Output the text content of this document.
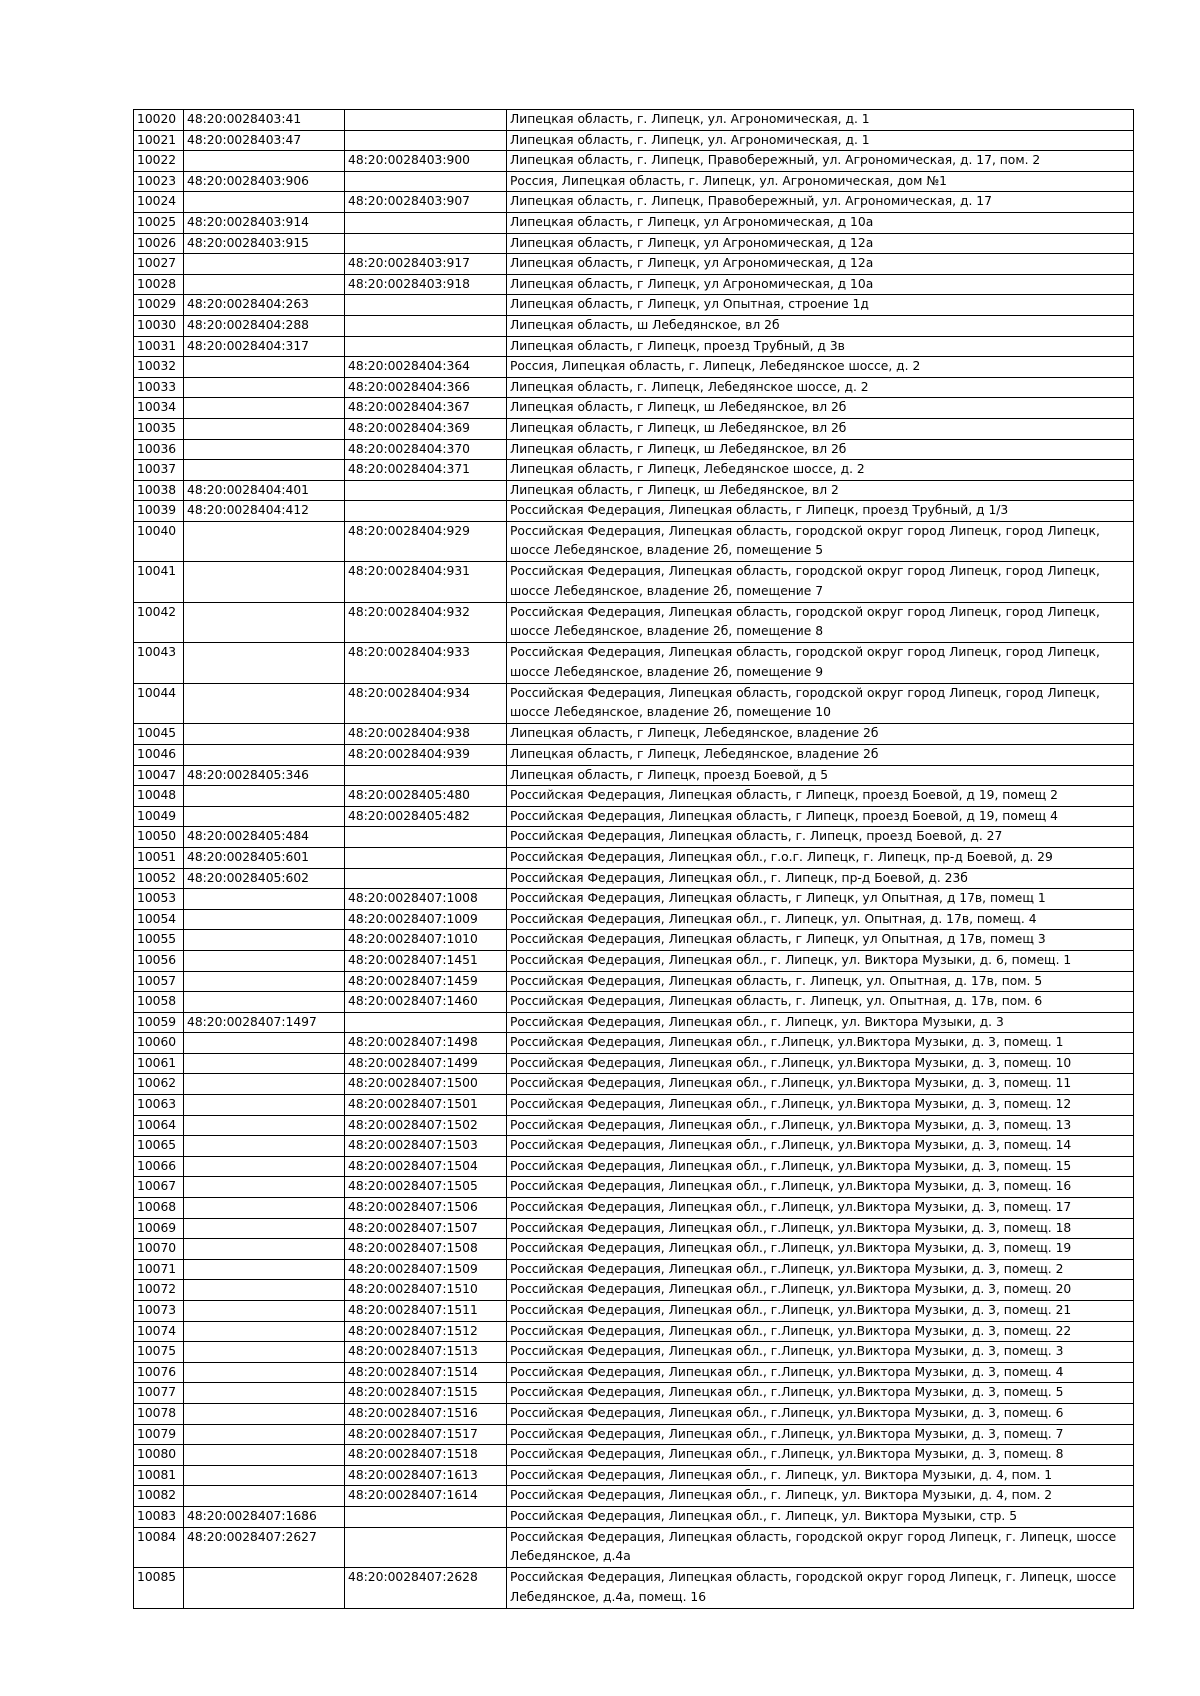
10020	48:20:0028403:41		Липецкая область, г. Липецк, ул. Агрономическая, д. 1
10021	48:20:0028403:47		Липецкая область, г. Липецк, ул. Агрономическая, д. 1
10022		48:20:0028403:900	Липецкая область, г. Липецк, Правобережный, ул. Агрономическая, д. 17, пом. 2
10023	48:20:0028403:906		Россия, Липецкая область, г. Липецк, ул. Агрономическая, дом №1
10024		48:20:0028403:907	Липецкая область, г. Липецк, Правобережный, ул. Агрономическая, д. 17
10025	48:20:0028403:914		Липецкая область, г Липецк, ул Агрономическая, д 10а
10026	48:20:0028403:915		Липецкая область, г Липецк, ул Агрономическая, д 12а
10027		48:20:0028403:917	Липецкая область, г Липецк, ул Агрономическая, д 12а
10028		48:20:0028403:918	Липецкая область, г Липецк, ул Агрономическая, д 10а
10029	48:20:0028404:263		Липецкая область, г Липецк, ул Опытная, строение 1д
10030	48:20:0028404:288		Липецкая область, ш Лебедянское, вл 2б
10031	48:20:0028404:317		Липецкая область, г Липецк, проезд Трубный, д 3в
10032		48:20:0028404:364	Россия, Липецкая область, г. Липецк, Лебедянское шоссе, д. 2
10033		48:20:0028404:366	Липецкая область, г. Липецк, Лебедянское шоссе, д. 2
10034		48:20:0028404:367	Липецкая область, г Липецк, ш Лебедянское, вл 2б
10035		48:20:0028404:369	Липецкая область, г Липецк, ш Лебедянское, вл 2б
10036		48:20:0028404:370	Липецкая область, г Липецк, ш Лебедянское, вл 2б
10037		48:20:0028404:371	Липецкая область, г Липецк, Лебедянское шоссе, д. 2
10038	48:20:0028404:401		Липецкая область, г Липецк, ш Лебедянское, вл 2
10039	48:20:0028404:412		Российская Федерация, Липецкая область, г Липецк, проезд Трубный, д 1/3
10040		48:20:0028404:929	Российская Федерация, Липецкая область, городской округ город Липецк, город Липецк, шоссе Лебедянское, владение 2б, помещение 5
10041		48:20:0028404:931	Российская Федерация, Липецкая область, городской округ город Липецк, город Липецк, шоссе Лебедянское, владение 2б, помещение 7
10042		48:20:0028404:932	Российская Федерация, Липецкая область, городской округ город Липецк, город Липецк, шоссе Лебедянское, владение 2б, помещение 8
10043		48:20:0028404:933	Российская Федерация, Липецкая область, городской округ город Липецк, город Липецк, шоссе Лебедянское, владение 2б, помещение 9
10044		48:20:0028404:934	Российская Федерация, Липецкая область, городской округ город Липецк, город Липецк, шоссе Лебедянское, владение 2б, помещение 10
10045		48:20:0028404:938	Липецкая область, г Липецк, Лебедянское, владение 2б
10046		48:20:0028404:939	Липецкая область, г Липецк, Лебедянское, владение 2б
10047	48:20:0028405:346		Липецкая область, г Липецк, проезд Боевой, д 5
10048		48:20:0028405:480	Российская Федерация, Липецкая область, г Липецк, проезд Боевой, д 19, помещ 2
10049		48:20:0028405:482	Российская Федерация, Липецкая область, г Липецк, проезд Боевой, д 19, помещ 4
10050	48:20:0028405:484		Российская Федерация, Липецкая область, г. Липецк, проезд Боевой, д. 27
10051	48:20:0028405:601		Российская Федерация, Липецкая обл., г.о.г. Липецк, г. Липецк, пр-д Боевой, д. 29
10052	48:20:0028405:602		Российская Федерация, Липецкая обл., г. Липецк, пр-д Боевой, д. 23б
10053		48:20:0028407:1008	Российская Федерация, Липецкая область, г Липецк, ул Опытная, д 17в, помещ 1
10054		48:20:0028407:1009	Российская Федерация, Липецкая обл., г. Липецк, ул. Опытная, д. 17в, помещ. 4
10055		48:20:0028407:1010	Российская Федерация, Липецкая область, г Липецк, ул Опытная, д 17в, помещ 3
10056		48:20:0028407:1451	Российская Федерация, Липецкая обл., г. Липецк, ул. Виктора Музыки, д. 6, помещ. 1
10057		48:20:0028407:1459	Российская Федерация, Липецкая область, г. Липецк, ул. Опытная, д. 17в, пом. 5
10058		48:20:0028407:1460	Российская Федерация, Липецкая область, г. Липецк, ул. Опытная, д. 17в, пом. 6
10059	48:20:0028407:1497		Российская Федерация, Липецкая обл., г. Липецк, ул. Виктора Музыки, д. 3
10060		48:20:0028407:1498	Российская Федерация, Липецкая обл., г.Липецк, ул.Виктора Музыки, д. 3, помещ. 1
10061		48:20:0028407:1499	Российская Федерация, Липецкая обл., г.Липецк, ул.Виктора Музыки, д. 3, помещ. 10
10062		48:20:0028407:1500	Российская Федерация, Липецкая обл., г.Липецк, ул.Виктора Музыки, д. 3, помещ. 11
10063		48:20:0028407:1501	Российская Федерация, Липецкая обл., г.Липецк, ул.Виктора Музыки, д. 3, помещ. 12
10064		48:20:0028407:1502	Российская Федерация, Липецкая обл., г.Липецк, ул.Виктора Музыки, д. 3, помещ. 13
10065		48:20:0028407:1503	Российская Федерация, Липецкая обл., г.Липецк, ул.Виктора Музыки, д. 3, помещ. 14
10066		48:20:0028407:1504	Российская Федерация, Липецкая обл., г.Липецк, ул.Виктора Музыки, д. 3, помещ. 15
10067		48:20:0028407:1505	Российская Федерация, Липецкая обл., г.Липецк, ул.Виктора Музыки, д. 3, помещ. 16
10068		48:20:0028407:1506	Российская Федерация, Липецкая обл., г.Липецк, ул.Виктора Музыки, д. 3, помещ. 17
10069		48:20:0028407:1507	Российская Федерация, Липецкая обл., г.Липецк, ул.Виктора Музыки, д. 3, помещ. 18
10070		48:20:0028407:1508	Российская Федерация, Липецкая обл., г.Липецк, ул.Виктора Музыки, д. 3, помещ. 19
10071		48:20:0028407:1509	Российская Федерация, Липецкая обл., г.Липецк, ул.Виктора Музыки, д. 3, помещ. 2
10072		48:20:0028407:1510	Российская Федерация, Липецкая обл., г.Липецк, ул.Виктора Музыки, д. 3, помещ. 20
10073		48:20:0028407:1511	Российская Федерация, Липецкая обл., г.Липецк, ул.Виктора Музыки, д. 3, помещ. 21
10074		48:20:0028407:1512	Российская Федерация, Липецкая обл., г.Липецк, ул.Виктора Музыки, д. 3, помещ. 22
10075		48:20:0028407:1513	Российская Федерация, Липецкая обл., г.Липецк, ул.Виктора Музыки, д. 3, помещ. 3
10076		48:20:0028407:1514	Российская Федерация, Липецкая обл., г.Липецк, ул.Виктора Музыки, д. 3, помещ. 4
10077		48:20:0028407:1515	Российская Федерация, Липецкая обл., г.Липецк, ул.Виктора Музыки, д. 3, помещ. 5
10078		48:20:0028407:1516	Российская Федерация, Липецкая обл., г.Липецк, ул.Виктора Музыки, д. 3, помещ. 6
10079		48:20:0028407:1517	Российская Федерация, Липецкая обл., г.Липецк, ул.Виктора Музыки, д. 3, помещ. 7
10080		48:20:0028407:1518	Российская Федерация, Липецкая обл., г.Липецк, ул.Виктора Музыки, д. 3, помещ. 8
10081		48:20:0028407:1613	Российская Федерация, Липецкая обл., г. Липецк, ул. Виктора Музыки, д. 4, пом. 1
10082		48:20:0028407:1614	Российская Федерация, Липецкая обл., г. Липецк, ул. Виктора Музыки, д. 4, пом. 2
10083	48:20:0028407:1686		Российская Федерация, Липецкая обл., г. Липецк, ул. Виктора Музыки, стр. 5
10084	48:20:0028407:2627		Российская Федерация, Липецкая область, городской округ город Липецк, г. Липецк, шоссе Лебедянское, д.4а
10085		48:20:0028407:2628	Российская Федерация, Липецкая область, городской округ город Липецк, г. Липецк, шоссе Лебедянское, д.4а, помещ. 16
